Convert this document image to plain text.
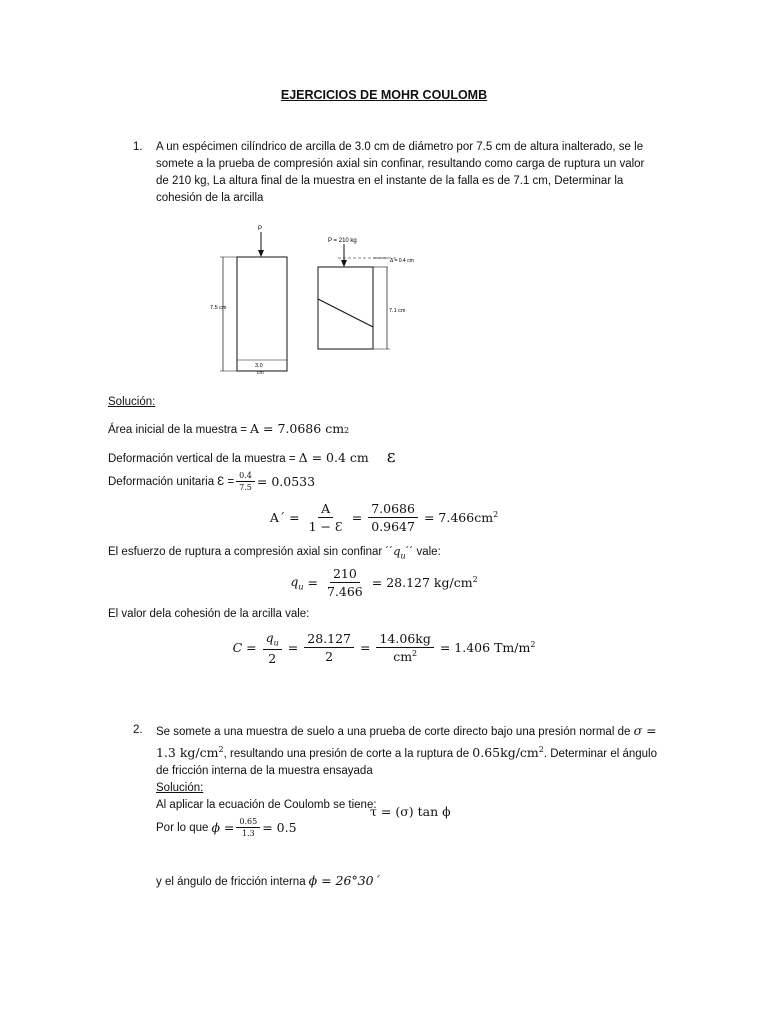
EJERCICIOS DE MOHR COULOMB
1. A un espécimen cilíndrico de arcilla de 3.0 cm de diámetro por 7.5 cm de altura inalterado, se le
somete a la prueba de compresión axial sin confinar, resultando como carga de ruptura un valor
de 210 kg, La altura final de la muestra en el instante de la falla es de 7.1 cm, Determinar la
cohesión de la arcilla
P
7.5 cm
3.0
cm
P = 210 kg
Δ = 0.4 cm
7.1 cm
Solución:
Área inicial de la muestra = A = 7.0686 cm 2
Deformación vertical de la muestra = Δ = 0.4 cm ε
Deformación unitaria Ɛ = $\frac{0.4}{7.5} = 0.0533$
A´ = $\frac{A}{1 - Ɛ} = \frac{7.0686}{0.9647} = 7.466cm^2$
El esfuerzo de ruptura a compresión axial sin confinar ´´ $q_u$ ´´ vale:
$q_u = \frac{210}{7.466} = 28.127$ $kg/cm^2$
El valor dela cohesión de la arcilla vale:
$C = \frac{q_u}{2} = \frac{28.127}{2} = \frac{14.06kg}{cm^2} = 1.406$ $Tm/m^2$
2. Se somete a una muestra de suelo a una prueba de corte directo bajo una presión normal de σ =
1.3 $kg/cm^2$, resultando una presión de corte a la ruptura de $0.65kg/cm^2$. Determinar el ángulo
de fricción interna de la muestra ensayada
Solución:
Al aplicar la ecuación de Coulomb se tiene:
τ = (σ) tan ϕ
Por lo que $\phi = \frac{0.65}{1.3} = 0.5$
y el ángulo de fricción interna ϕ = 26°30´
